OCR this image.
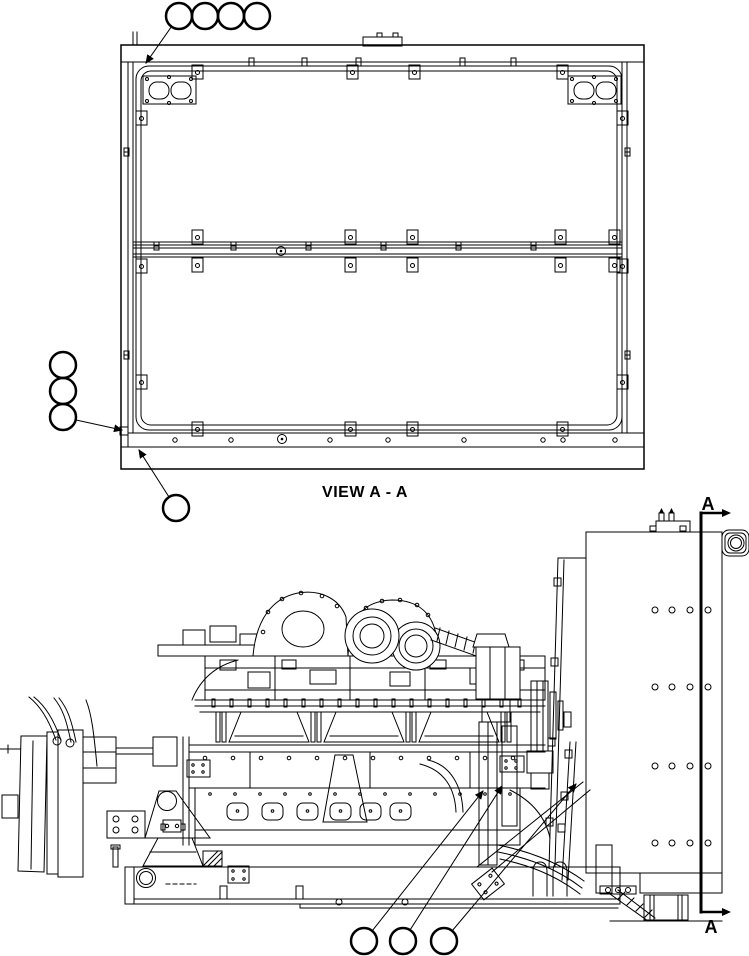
A
A
VIEW A - A
